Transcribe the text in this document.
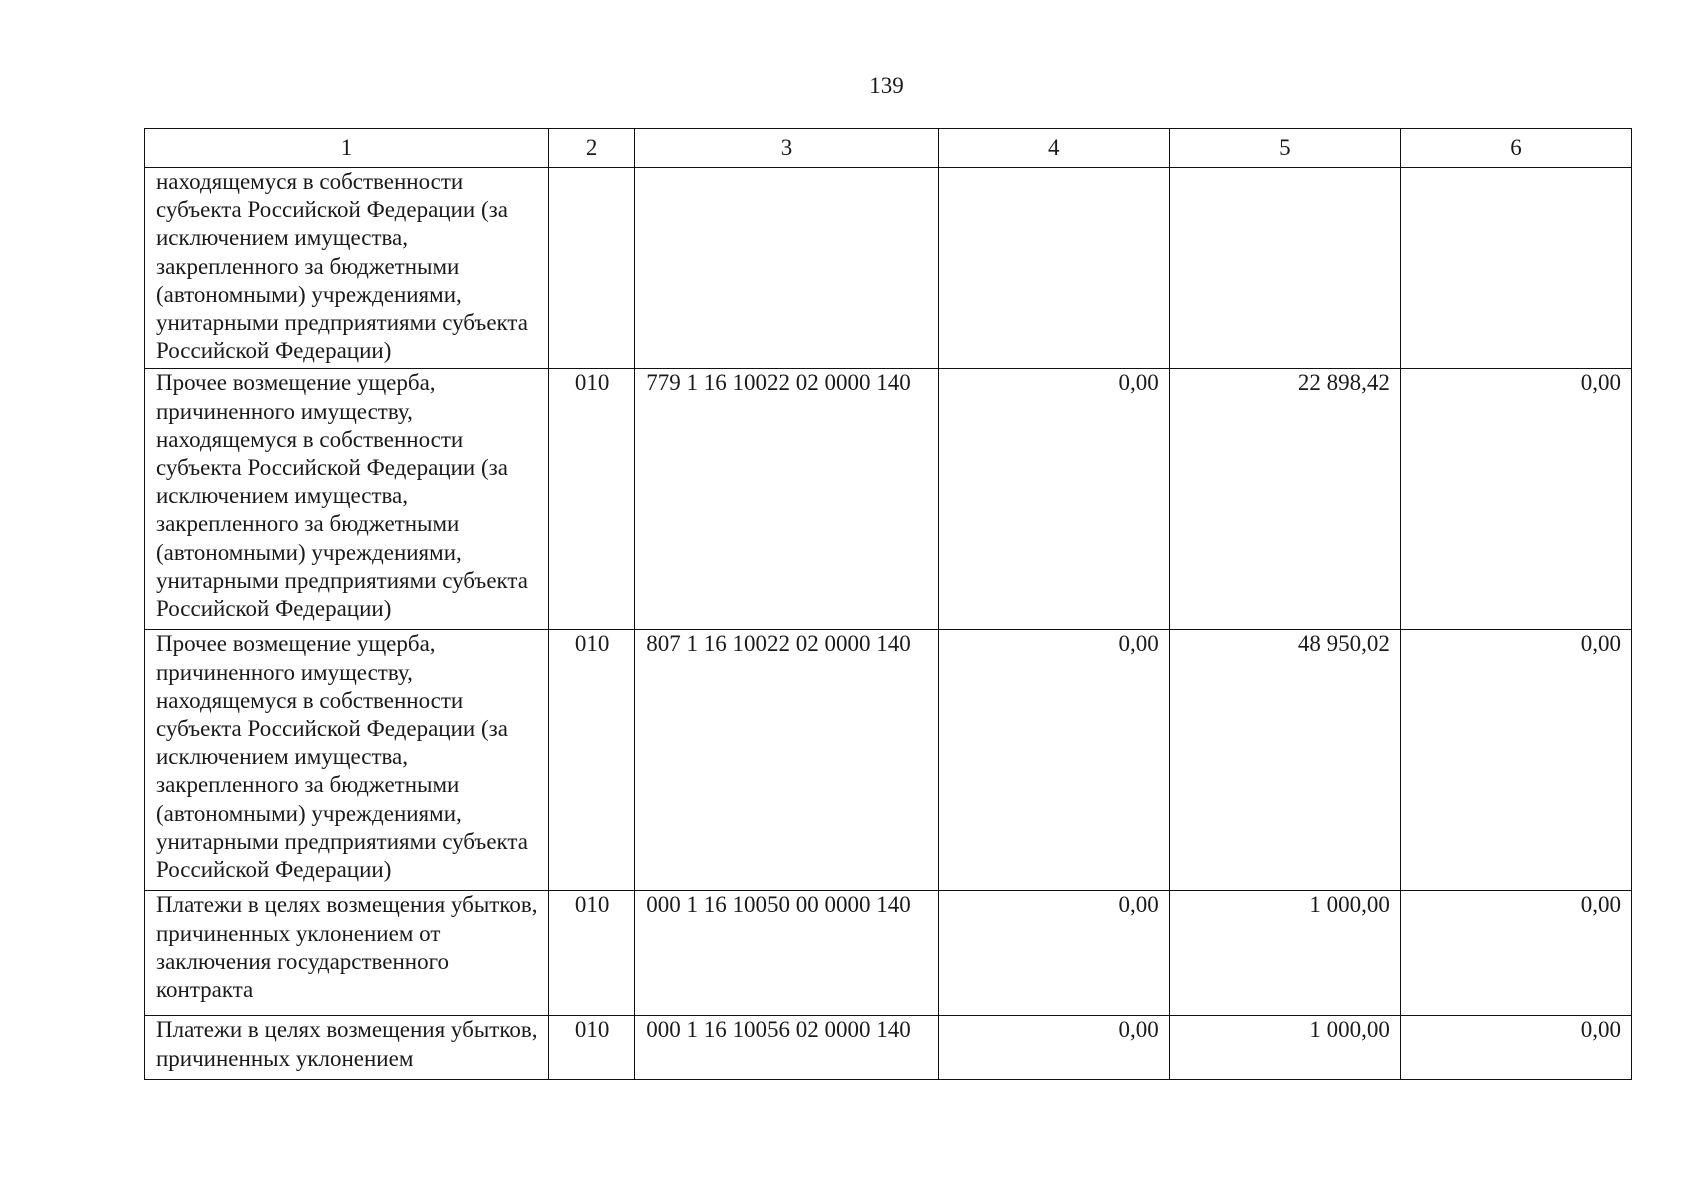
139
1	2	3	4	5	6
находящемуся в собственности субъекта Российской Федерации (за исключением имущества, закрепленного за бюджетными (автономными) учреждениями, унитарными предприятиями субъекта Российской Федерации)					
Прочее возмещение ущерба, причиненного имуществу, находящемуся в собственности субъекта Российской Федерации (за исключением имущества, закрепленного за бюджетными (автономными) учреждениями, унитарными предприятиями субъекта Российской Федерации)	010	779 1 16 10022 02 0000 140	0,00	22 898,42	0,00
Прочее возмещение ущерба, причиненного имуществу, находящемуся в собственности субъекта Российской Федерации (за исключением имущества, закрепленного за бюджетными (автономными) учреждениями, унитарными предприятиями субъекта Российской Федерации)	010	807 1 16 10022 02 0000 140	0,00	48 950,02	0,00
Платежи в целях возмещения убытков, причиненных уклонением от заключения государственного контракта	010	000 1 16 10050 00 0000 140	0,00	1 000,00	0,00
Платежи в целях возмещения убытков, причиненных уклонением	010	000 1 16 10056 02 0000 140	0,00	1 000,00	0,00
